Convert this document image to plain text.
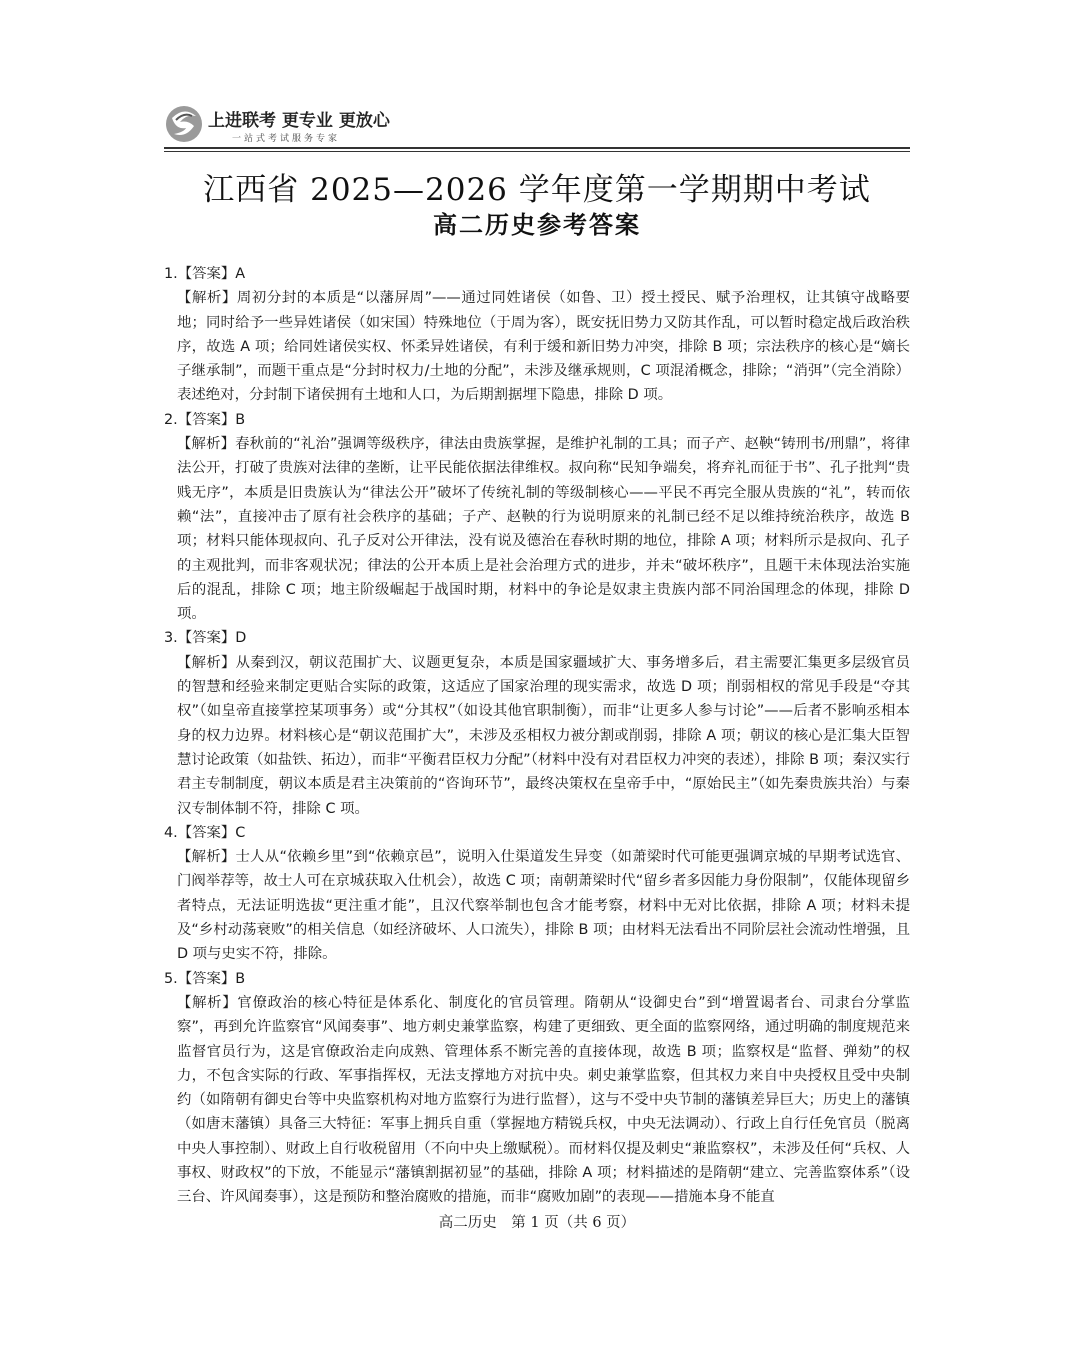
上进联考 更专业 更放心
一站式考试服务专家
江西省 2025—2026 学年度第一学期期中考试
高二历史参考答案

1.【答案】A

【解析】周初分封的本质是“以藩屏周”——通过同姓诸侯（如鲁、卫）授土授民、赋予治理权，让其镇守战略要地；同时给予一些异姓诸侯（如宋国）特殊地位（于周为客），既安抚旧势力又防其作乱，可以暂时稳定战后政治秩序，故选 A 项；给同姓诸侯实权、怀柔异姓诸侯，有利于缓和新旧势力冲突，排除 B 项；宗法秩序的核心是“嫡长子继承制”，而题干重点是“分封时权力/土地的分配”，未涉及继承规则，C 项混淆概念，排除；“消弭”（完全消除）表述绝对，分封制下诸侯拥有土地和人口，为后期割据埋下隐患，排除 D 项。

2.【答案】B

【解析】春秋前的“礼治”强调等级秩序，律法由贵族掌握，是维护礼制的工具；而子产、赵鞅“铸刑书/刑鼎”，将律法公开，打破了贵族对法律的垄断，让平民能依据法律维权。叔向称“民知争端矣，将弃礼而征于书”、孔子批判“贵贱无序”，本质是旧贵族认为“律法公开”破坏了传统礼制的等级制核心——平民不再完全服从贵族的“礼”，转而依赖“法”，直接冲击了原有社会秩序的基础；子产、赵鞅的行为说明原来的礼制已经不足以维持统治秩序，故选 B 项；材料只能体现叔向、孔子反对公开律法，没有说及德治在春秋时期的地位，排除 A 项；材料所示是叔向、孔子的主观批判，而非客观状况；律法的公开本质上是社会治理方式的进步，并未“破坏秩序”，且题干未体现法治实施后的混乱，排除 C 项；地主阶级崛起于战国时期，材料中的争论是奴隶主贵族内部不同治国理念的体现，排除 D 项。

3.【答案】D

【解析】从秦到汉，朝议范围扩大、议题更复杂，本质是国家疆域扩大、事务增多后，君主需要汇集更多层级官员的智慧和经验来制定更贴合实际的政策，这适应了国家治理的现实需求，故选 D 项；削弱相权的常见手段是“夺其权”（如皇帝直接掌控某项事务）或“分其权”（如设其他官职制衡），而非“让更多人参与讨论”——后者不影响丞相本身的权力边界。材料核心是“朝议范围扩大”，未涉及丞相权力被分割或削弱，排除 A 项；朝议的核心是汇集大臣智慧讨论政策（如盐铁、拓边），而非“平衡君臣权力分配”（材料中没有对君臣权力冲突的表述），排除 B 项；秦汉实行君主专制制度，朝议本质是君主决策前的“咨询环节”，最终决策权在皇帝手中，“原始民主”（如先秦贵族共治）与秦汉专制体制不符，排除 C 项。

4.【答案】C

【解析】士人从“依赖乡里”到“依赖京邑”，说明入仕渠道发生异变（如萧梁时代可能更强调京城的早期考试选官、门阀举荐等，故士人可在京城获取入仕机会），故选 C 项；南朝萧梁时代“留乡者多因能力身份限制”，仅能体现留乡者特点，无法证明选拔“更注重才能”，且汉代察举制也包含才能考察，材料中无对比依据，排除 A 项；材料未提及“乡村动荡衰败”的相关信息（如经济破坏、人口流失），排除 B 项；由材料无法看出不同阶层社会流动性增强，且 D 项与史实不符，排除。

5.【答案】B

【解析】官僚政治的核心特征是体系化、制度化的官员管理。隋朝从“设御史台”到“增置谒者台、司隶台分掌监察”，再到允许监察官“风闻奏事”、地方刺史兼掌监察，构建了更细致、更全面的监察网络，通过明确的制度规范来监督官员行为，这是官僚政治走向成熟、管理体系不断完善的直接体现，故选 B 项；监察权是“监督、弹劾”的权力，不包含实际的行政、军事指挥权，无法支撑地方对抗中央。刺史兼掌监察，但其权力来自中央授权且受中央制约（如隋朝有御史台等中央监察机构对地方监察行为进行监督），这与不受中央节制的藩镇差异巨大；历史上的藩镇（如唐末藩镇）具备三大特征：军事上拥兵自重（掌握地方精锐兵权，中央无法调动）、行政上自行任免官员（脱离中央人事控制）、财政上自行收税留用（不向中央上缴赋税）。而材料仅提及刺史“兼监察权”，未涉及任何“兵权、人事权、财政权”的下放，不能显示“藩镇割据初显”的基础，排除 A 项；材料描述的是隋朝“建立、完善监察体系”（设三台、许风闻奏事），这是预防和整治腐败的措施，而非“腐败加剧”的表现——措施本身不能直

高二历史　第 1 页（共 6 页）
